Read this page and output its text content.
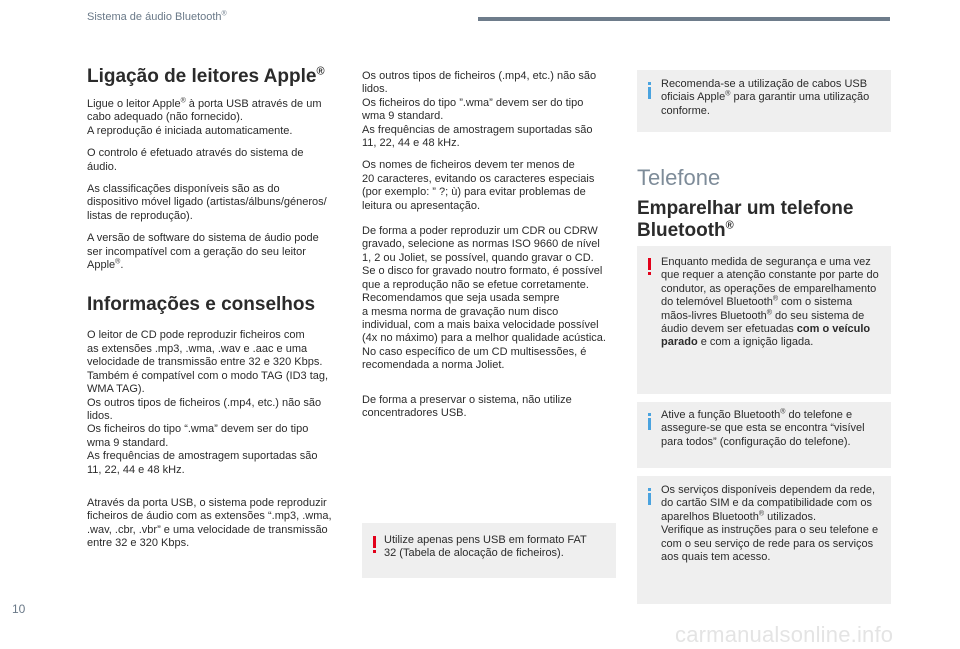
Sistema de áudio Bluetooth®
Ligação de leitores Apple®

Ligue o leitor Apple® à porta USB através de um
cabo adequado (não fornecido).
A reprodução é iniciada automaticamente.

O controlo é efetuado através do sistema de
áudio.

As classificações disponíveis são as do
dispositivo móvel ligado (artistas/álbuns/géneros/
listas de reprodução).

A versão de software do sistema de áudio pode
ser incompatível com a geração do seu leitor
Apple®.

Informações e conselhos

O leitor de CD pode reproduzir ficheiros com
as extensões .mp3, .wma, .wav e .aac e uma
velocidade de transmissão entre 32 e 320 Kbps.
Também é compatível com o modo TAG (ID3 tag,
WMA TAG).
Os outros tipos de ficheiros (.mp4, etc.) não são
lidos.
Os ficheiros do tipo “.wma” devem ser do tipo
wma 9 standard.
As frequências de amostragem suportadas são
11, 22, 44 e 48 kHz.

Através da porta USB, o sistema pode reproduzir
ficheiros de áudio com as extensões “.mp3, .wma,
.wav, .cbr, .vbr” e uma velocidade de transmissão
entre 32 e 320 Kbps.

Os outros tipos de ficheiros (.mp4, etc.) não são
lidos.
Os ficheiros do tipo ”.wma” devem ser do tipo
wma 9 standard.
As frequências de amostragem suportadas são
11, 22, 44 e 48 kHz.

Os nomes de ficheiros devem ter menos de
20 caracteres, evitando os caracteres especiais
(por exemplo: ” ?; ù) para evitar problemas de
leitura ou apresentação.

De forma a poder reproduzir um CDR ou CDRW
gravado, selecione as normas ISO 9660 de nível
1, 2 ou Joliet, se possível, quando gravar o CD.
Se o disco for gravado noutro formato, é possível
que a reprodução não se efetue corretamente.
Recomendamos que seja usada sempre
a mesma norma de gravação num disco
individual, com a mais baixa velocidade possível
(4x no máximo) para a melhor qualidade acústica.
No caso específico de um CD multisessões, é
recomendada a norma Joliet.

De forma a preservar o sistema, não utilize
concentradores USB.

Utilize apenas pens USB em formato FAT
32 (Tabela de alocação de ficheiros).

Recomenda-se a utilização de cabos USB
oficiais Apple® para garantir uma utilização
conforme.

Telefone
Emparelhar um telefone
Bluetooth®

Enquanto medida de segurança e uma vez
que requer a atenção constante por parte do
condutor, as operações de emparelhamento
do telemóvel Bluetooth® com o sistema
mãos-livres Bluetooth® do seu sistema de
áudio devem ser efetuadas com o veículo
parado e com a ignição ligada.

Ative a função Bluetooth® do telefone e
assegure-se que esta se encontra “visível
para todos” (configuração do telefone).

Os serviços disponíveis dependem da rede,
do cartão SIM e da compatibilidade com os
aparelhos Bluetooth® utilizados.
Verifique as instruções para o seu telefone e
com o seu serviço de rede para os serviços
aos quais tem acesso.

10
carmanualsonline.info
